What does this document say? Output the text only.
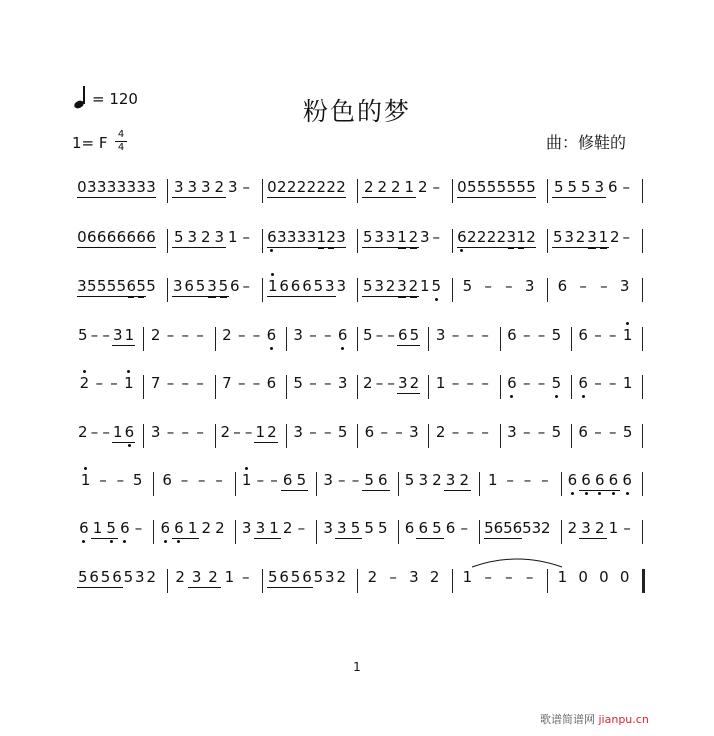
= 120	粉色的梦
1= F	4
4	曲：修鞋的
0 3 3 3 3 3 3 3 3 3 3 2 3 – 0 2 2 2 2 2 2 2 2 2 2 1 2 – 0 5 5 5 5 5 5 5 5 5 5 3 6 –
0 6 6 6 6 6 6 6 5 3 2 3 1 – 6 3 3 3 3 1 2 3 5 3 3 1 2 3 – 6 2 2 2 2 3 1 2 5 3 2 3 1 2 –
3 5 5 5 5 6 5 5 3 6 5 3 5 6 – 1 6 6 6 5 3 3 5 3 2 3 2 1 5	5 – – 3	6 – – 3
5 – – 3 1 2 – – – 2 – – 6 3 – – 6 5 – – 6 5 3 – – – 6 – – 5 6 – – 1
2 – – 1 7 – – – 7 – – 6 5 – – 3 2 – – 3 2 1 – – – 6 – – 5 6 – – 1
2 – – 1 6 3 – – – 2 – – 1 2 3 – – 5 6 – – 3 2 – – – 3 – – 5 6 – – 5
1 – – 5 6 – – –	1 – – 6 5 3 – – 5 6 5 3 2 3 2 1 – – –	6 6 6 6 6
6 1 5 6 – 6 6 1 2 2 3 3 1 2 – 3 3 5 5 5 6 6 5 6 – 5 6 5 6 5 3 2 2 3 2 1 –
5 6 5 6 5 3 2 2 3 2 1 – 5 6 5 6 5 3 2	2 – 3 2	1 – – –	1 0 0 0
1
歌谱简谱网 jianpu.cn
